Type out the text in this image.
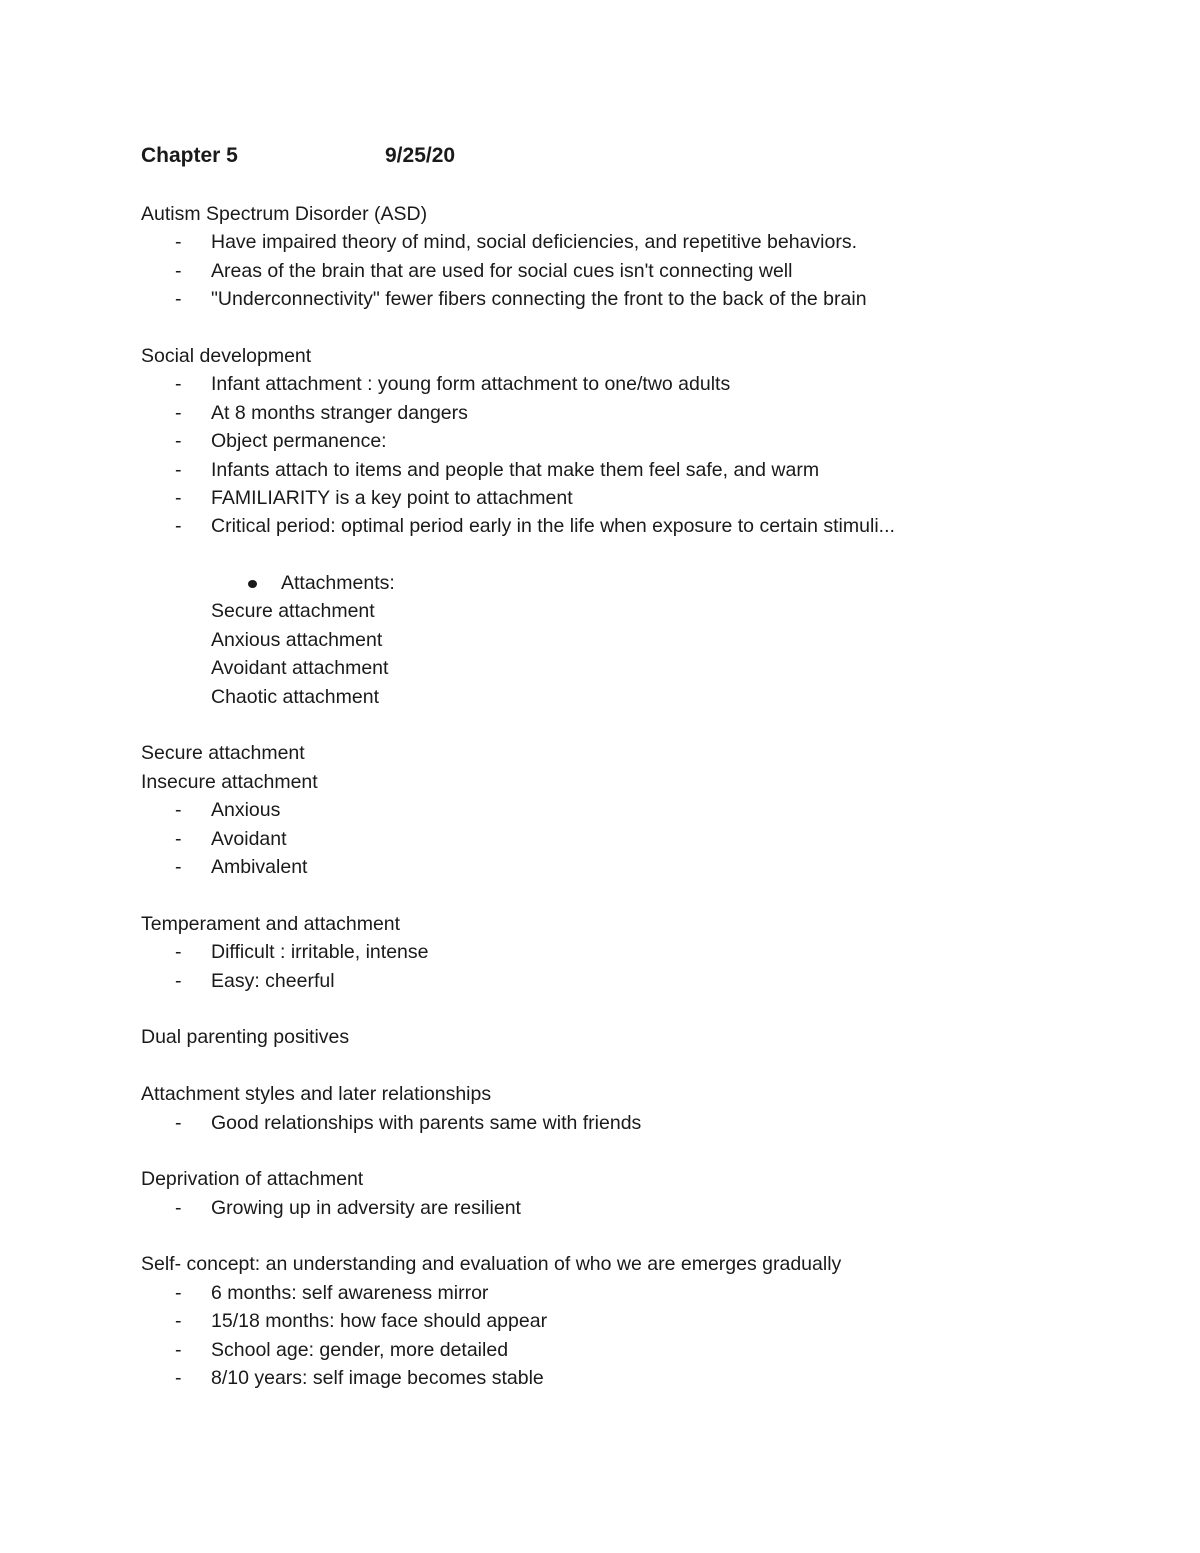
Chapter 5	9/25/20
Autism Spectrum Disorder (ASD)
- Have impaired theory of mind, social deficiencies, and repetitive behaviors.
- Areas of the brain that are used for social cues isn't connecting well
- "Underconnectivity" fewer fibers connecting the front to the back of the brain
Social development
- Infant attachment : young form attachment to one/two adults
- At 8 months stranger dangers
- Object permanence:
- Infants attach to items and people that make them feel safe, and warm
- FAMILIARITY is a key point to attachment
- Critical period: optimal period early in the life when exposure to certain stimuli...
Attachments:
Secure attachment
Anxious attachment
Avoidant attachment
Chaotic attachment
Secure attachment
Insecure attachment
- Anxious
- Avoidant
- Ambivalent
Temperament and attachment
- Difficult : irritable, intense
- Easy: cheerful
Dual parenting positives
Attachment styles and later relationships
- Good relationships with parents same with friends
Deprivation of attachment
- Growing up in adversity are resilient
Self- concept: an understanding and evaluation of who we are emerges gradually
- 6 months: self awareness mirror
- 15/18 months: how face should appear
- School age: gender, more detailed
- 8/10 years: self image becomes stable
